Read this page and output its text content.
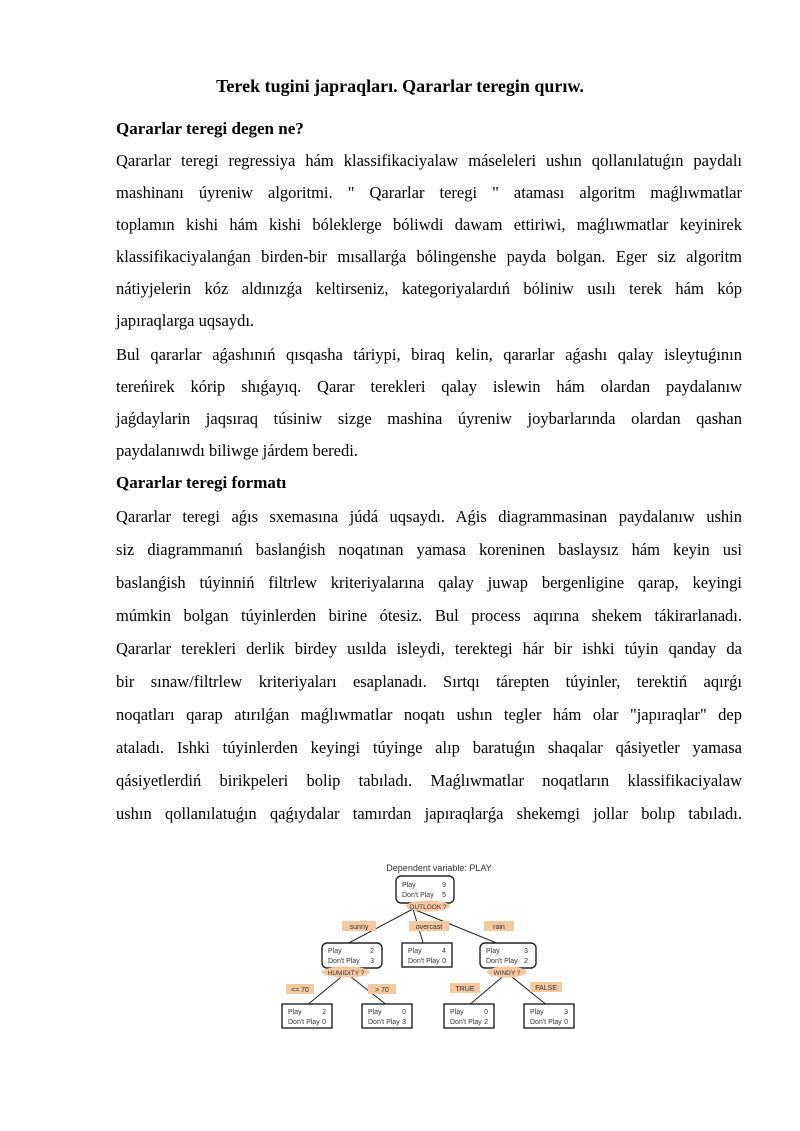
Terek tugini japraqları. Qararlar teregin qurıw.
Qararlar teregi degen ne?
Qararlar teregi regressiya hám klassifikaciyalaw máseleleri ushın qollanılatuǵın paydalı
mashinanı úyreniw algoritmi. " Qararlar teregi " ataması algoritm maǵlıwmatlar
toplamın kishi hám kishi bóleklerge bóliwdi dawam ettiriwi, maǵlıwmatlar keyinirek
klassifikaciyalanǵan birden-bir mısallarǵa bólingenshe payda bolgan. Eger siz algoritm
nátiyjelerin kóz aldınızǵa keltirseniz, kategoriyalardıń bóliniw usılı terek hám kóp
japıraqlarga uqsaydı.
Bul qararlar aǵashınıń qısqasha táriypi, biraq kelin, qararlar aǵashı qalay isleytuǵının
tereńirek kórip shıǵayıq. Qarar terekleri qalay islewin hám olardan paydalanıw
jaǵdaylarin jaqsıraq túsiniw sizge mashina úyreniw joybarlarında olardan qashan
paydalanıwdı biliwge járdem beredi.
Qararlar teregi formatı
Qararlar teregi aǵıs sxemasına júdá uqsaydı. Aǵis diagrammasinan paydalanıw ushin
siz diagrammanıń baslanǵish noqatınan yamasa koreninen baslaysız hám keyin usi
baslanǵish túyinniń filtrlew kriteriyalarına qalay juwap bergenligine qarap, keyingi
múmkin bolgan túyinlerden birine ótesiz. Bul process aqırına shekem tákirarlanadı.
Qararlar terekleri derlik birdey usılda isleydi, terektegi hár bir ishki túyin qanday da
bir sınaw/filtrlew kriteriyaları esaplanadı. Sırtqı tárepten túyinler, terektiń aqırǵı
noqatları qarap atırılǵan maǵlıwmatlar noqatı ushın tegler hám olar "japıraqlar" dep
ataladı. Ishki túyinlerden keyingi túyinge alıp baratuǵın shaqalar qásiyetler yamasa
qásiyetlerdiń birikpeleri bolip tabıladı. Maǵlıwmatlar noqatların klassifikaciyalaw
ushın qollanılatuǵın qaǵıydalar tamırdan japıraqlarǵa shekemgi jollar bolıp tabıladı.
Dependent variable: PLAY
Play	9
Don't Play 5
OUTLOOK ?
sunny	overcast	rain
Play	2
Don't Play 3
HUMIDITY ?
Play	4
Don't Play 0
Play	3
Don't Play 2
WINDY ?
<= 70	> 70	TRUE	FALSE
Play	2
Don't Play 0
Play	0
Don't Play 3
Play	0
Don't Play 2
Play	3
Don't Play 0
